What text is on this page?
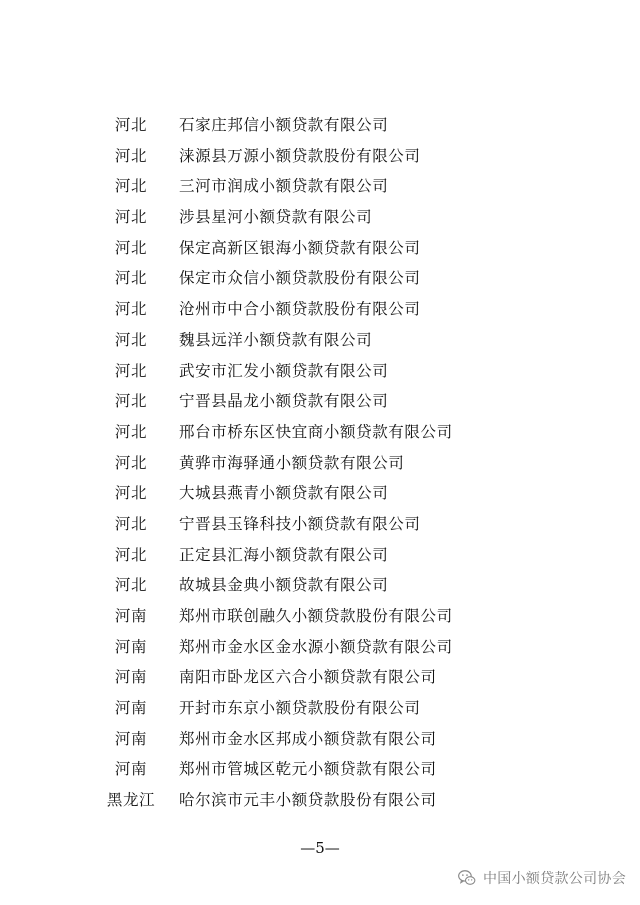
河北	石家庄邦信小额贷款有限公司
河北	涞源县万源小额贷款股份有限公司
河北	三河市润成小额贷款有限公司
河北	涉县星河小额贷款有限公司
河北	保定高新区银海小额贷款有限公司
河北	保定市众信小额贷款股份有限公司
河北	沧州市中合小额贷款股份有限公司
河北	魏县远洋小额贷款有限公司
河北	武安市汇发小额贷款有限公司
河北	宁晋县晶龙小额贷款有限公司
河北	邢台市桥东区快宜商小额贷款有限公司
河北	黄骅市海驿通小额贷款有限公司
河北	大城县燕青小额贷款有限公司
河北	宁晋县玉锋科技小额贷款有限公司
河北	正定县汇海小额贷款有限公司
河北	故城县金典小额贷款有限公司
河南	郑州市联创融久小额贷款股份有限公司
河南	郑州市金水区金水源小额贷款有限公司
河南	南阳市卧龙区六合小额贷款有限公司
河南	开封市东京小额贷款股份有限公司
河南	郑州市金水区邦成小额贷款有限公司
河南	郑州市管城区乾元小额贷款有限公司
黑龙江	哈尔滨市元丰小额贷款股份有限公司
—5—
中国小额贷款公司协会
